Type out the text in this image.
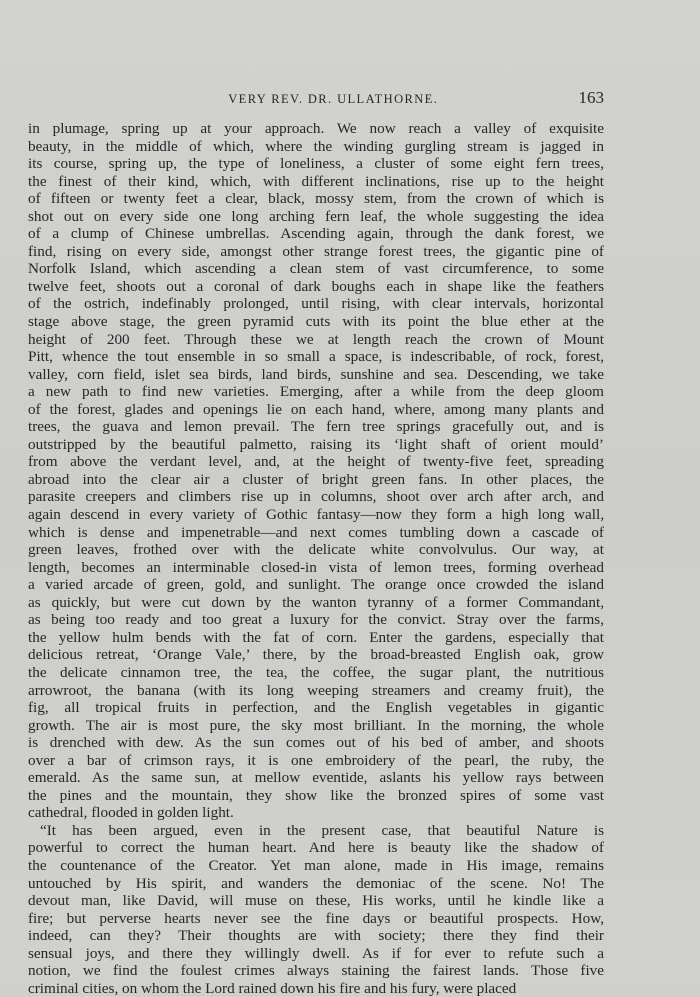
VERY REV. DR. ULLATHORNE.	163
in plumage, spring up at your approach. We now reach a valley of exquisite
beauty, in the middle of which, where the winding gurgling stream is jagged in
its course, spring up, the type of loneliness, a cluster of some eight fern trees,
the finest of their kind, which, with different inclinations, rise up to the height
of fifteen or twenty feet a clear, black, mossy stem, from the crown of which is
shot out on every side one long arching fern leaf, the whole suggesting the idea
of a clump of Chinese umbrellas. Ascending again, through the dank forest, we
find, rising on every side, amongst other strange forest trees, the gigantic pine of
Norfolk Island, which ascending a clean stem of vast circumference, to some
twelve feet, shoots out a coronal of dark boughs each in shape like the feathers
of the ostrich, indefinably prolonged, until rising, with clear intervals, horizontal
stage above stage, the green pyramid cuts with its point the blue ether at the
height of 200 feet. Through these we at length reach the crown of Mount
Pitt, whence the tout ensemble in so small a space, is indescribable, of rock, forest,
valley, corn field, islet sea birds, land birds, sunshine and sea. Descending, we take
a new path to find new varieties. Emerging, after a while from the deep gloom
of the forest, glades and openings lie on each hand, where, among many plants and
trees, the guava and lemon prevail. The fern tree springs gracefully out, and is
outstripped by the beautiful palmetto, raising its ‘light shaft of orient mould’
from above the verdant level, and, at the height of twenty-five feet, spreading
abroad into the clear air a cluster of bright green fans. In other places, the
parasite creepers and climbers rise up in columns, shoot over arch after arch, and
again descend in every variety of Gothic fantasy—now they form a high long wall,
which is dense and impenetrable—and next comes tumbling down a cascade of
green leaves, frothed over with the delicate white convolvulus. Our way, at
length, becomes an interminable closed-in vista of lemon trees, forming overhead
a varied arcade of green, gold, and sunlight. The orange once crowded the island
as quickly, but were cut down by the wanton tyranny of a former Commandant,
as being too ready and too great a luxury for the convict. Stray over the farms,
the yellow hulm bends with the fat of corn. Enter the gardens, especially that
delicious retreat, ‘Orange Vale,’ there, by the broad-breasted English oak, grow
the delicate cinnamon tree, the tea, the coffee, the sugar plant, the nutritious
arrowroot, the banana (with its long weeping streamers and creamy fruit), the
fig, all tropical fruits in perfection, and the English vegetables in gigantic
growth. The air is most pure, the sky most brilliant. In the morning, the whole
is drenched with dew. As the sun comes out of his bed of amber, and shoots
over a bar of crimson rays, it is one embroidery of the pearl, the ruby, the
emerald. As the same sun, at mellow eventide, aslants his yellow rays between
the pines and the mountain, they show like the bronzed spires of some vast
cathedral, flooded in golden light.
“It has been argued, even in the present case, that beautiful Nature is
powerful to correct the human heart. And here is beauty like the shadow of
the countenance of the Creator. Yet man alone, made in His image, remains
untouched by His spirit, and wanders the demoniac of the scene. No! The
devout man, like David, will muse on these, His works, until he kindle like a
fire; but perverse hearts never see the fine days or beautiful prospects. How,
indeed, can they? Their thoughts are with society; there they find their
sensual joys, and there they willingly dwell. As if for ever to refute such a
notion, we find the foulest crimes always staining the fairest lands. Those five
criminal cities, on whom the Lord rained down his fire and his fury, were placed
